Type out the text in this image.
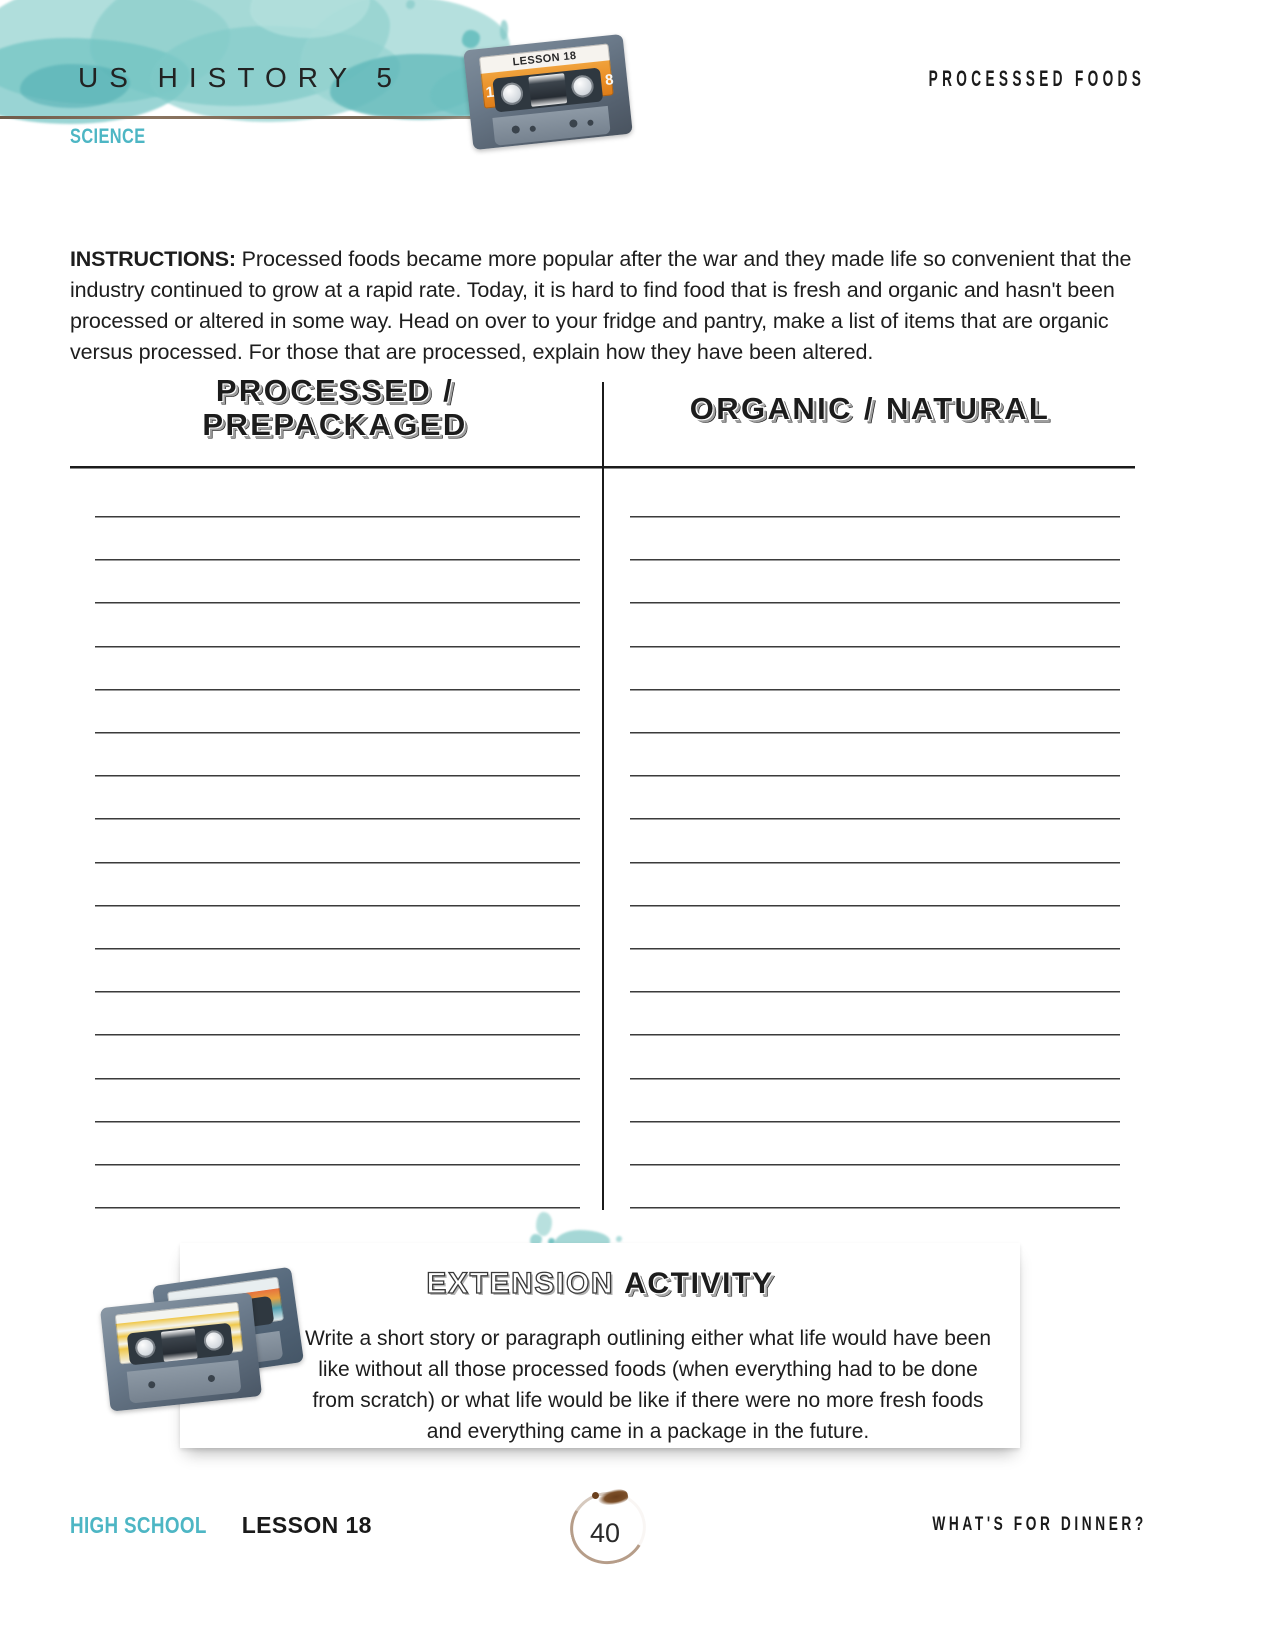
US HISTORY 5
SCIENCE
PROCESSSED FOODS
LESSON 18
1
8

INSTRUCTIONS: Processed foods became more popular after the war and they made life so convenient that the industry continued to grow at a rapid rate. Today, it is hard to find food that is fresh and organic and hasn't been processed or altered in some way. Head on over to your fridge and pantry, make a list of items that are organic versus processed. For those that are processed, explain how they have been altered.

PROCESSED /
PREPACKAGED	ORGANIC / NATURAL
EXTENSION ACTIVITY
Write a short story or paragraph outlining either what life would have been like without all those processed foods (when everything had to be done from scratch) or what life would be like if there were no more fresh foods and everything came in a package in the future.
HIGH SCHOOL LESSON 18	40	WHAT'S FOR DINNER?
